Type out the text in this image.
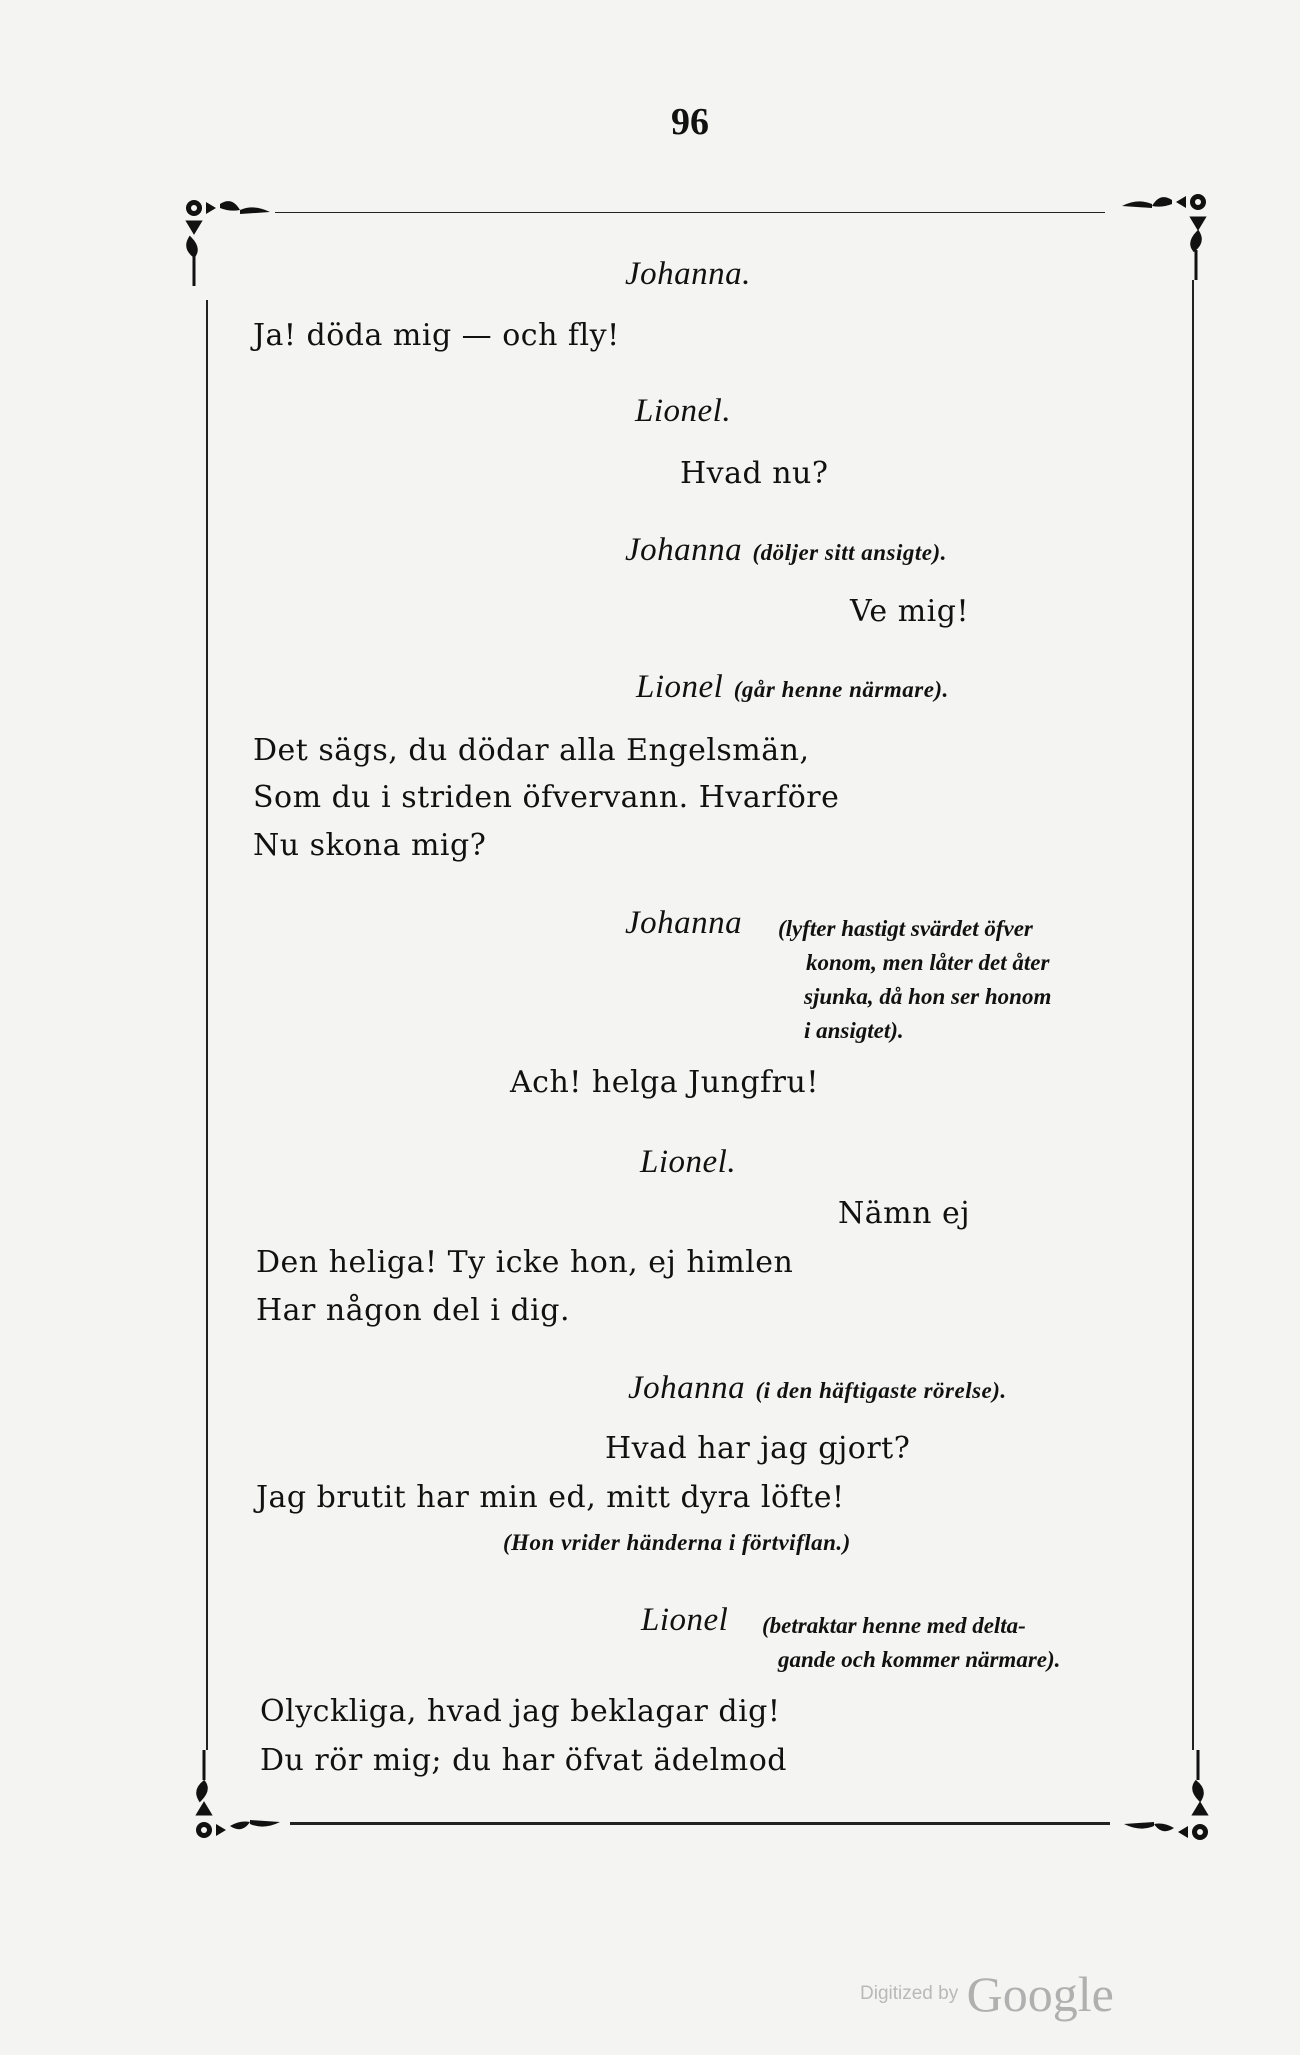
96
Johanna.
Ja! döda mig — och fly!
Lionel.
Hvad nu?
Johanna (döljer sitt ansigte).
Ve mig!
Lionel (går henne närmare).
Det sägs, du dödar alla Engelsmän,
Som du i striden öfvervann. Hvarföre
Nu skona mig?
Johanna (lyfter hastigt svärdet öfver
konom, men låter det åter
sjunka, då hon ser honom
i ansigtet).
Ach! helga Jungfru!
Lionel.
Nämn ej
Den heliga! Ty icke hon, ej himlen
Har någon del i dig.
Johanna (i den häftigaste rörelse).
Hvad har jag gjort?
Jag brutit har min ed, mitt dyra löfte!
(Hon vrider händerna i förtviflan.)
Lionel (betraktar henne med delta-
gande och kommer närmare).
Olyckliga, hvad jag beklagar dig!
Du rör mig; du har öfvat ädelmod
Digitized by Google
